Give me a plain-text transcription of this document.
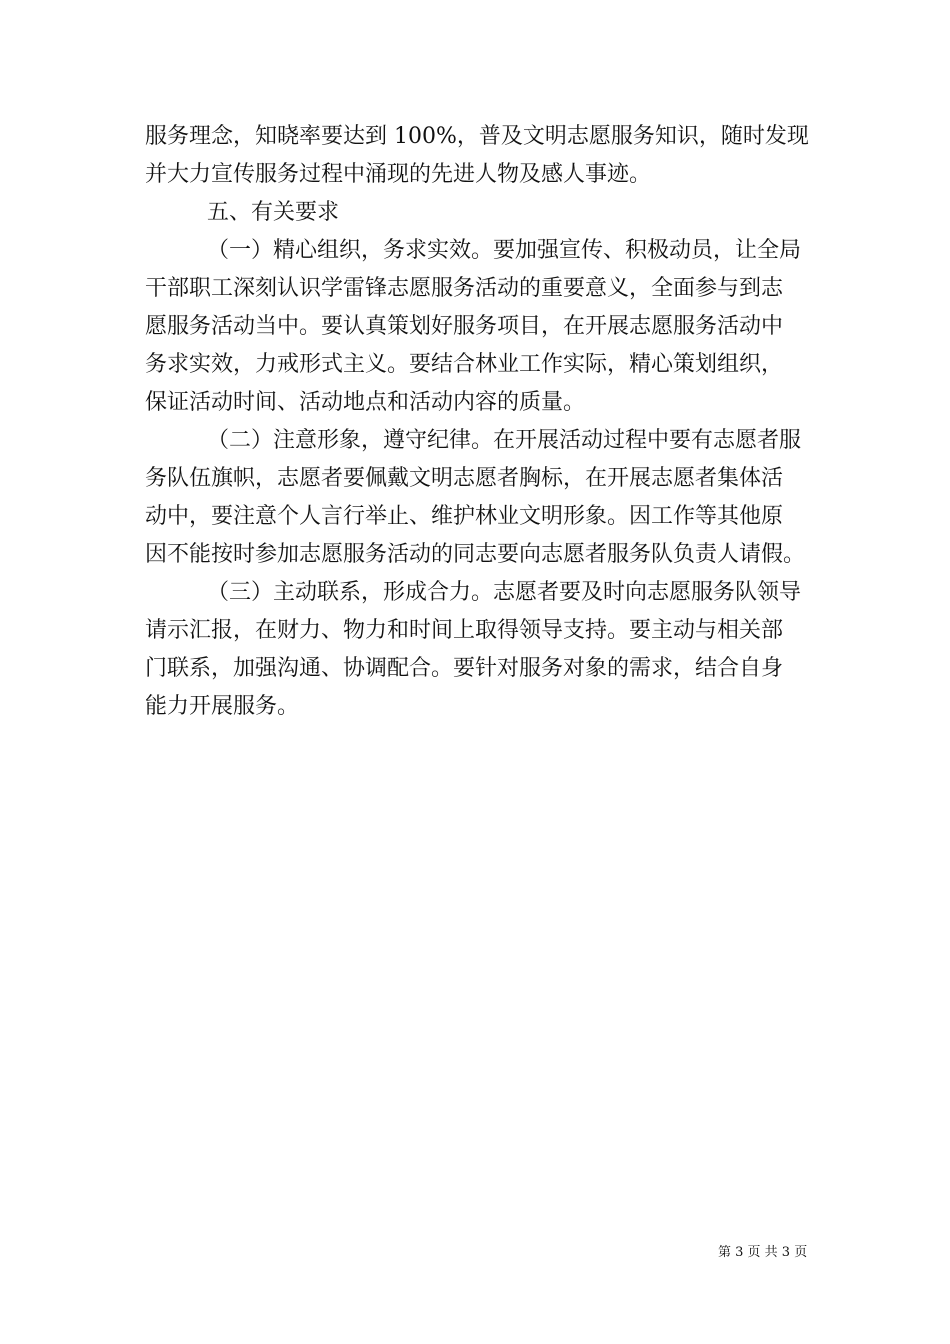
服务理念，知晓率要达到 100%，普及文明志愿服务知识，随时发现
并大力宣传服务过程中涌现的先进人物及感人事迹。
五、有关要求
（一）精心组织，务求实效。要加强宣传、积极动员，让全局
干部职工深刻认识学雷锋志愿服务活动的重要意义，全面参与到志
愿服务活动当中。要认真策划好服务项目，在开展志愿服务活动中
务求实效，力戒形式主义。要结合林业工作实际，精心策划组织，
保证活动时间、活动地点和活动内容的质量。
（二）注意形象，遵守纪律。在开展活动过程中要有志愿者服
务队伍旗帜，志愿者要佩戴文明志愿者胸标，在开展志愿者集体活
动中，要注意个人言行举止、维护林业文明形象。因工作等其他原
因不能按时参加志愿服务活动的同志要向志愿者服务队负责人请假。
（三）主动联系，形成合力。志愿者要及时向志愿服务队领导
请示汇报，在财力、物力和时间上取得领导支持。要主动与相关部
门联系，加强沟通、协调配合。要针对服务对象的需求，结合自身
能力开展服务。
第 3 页 共 3 页
